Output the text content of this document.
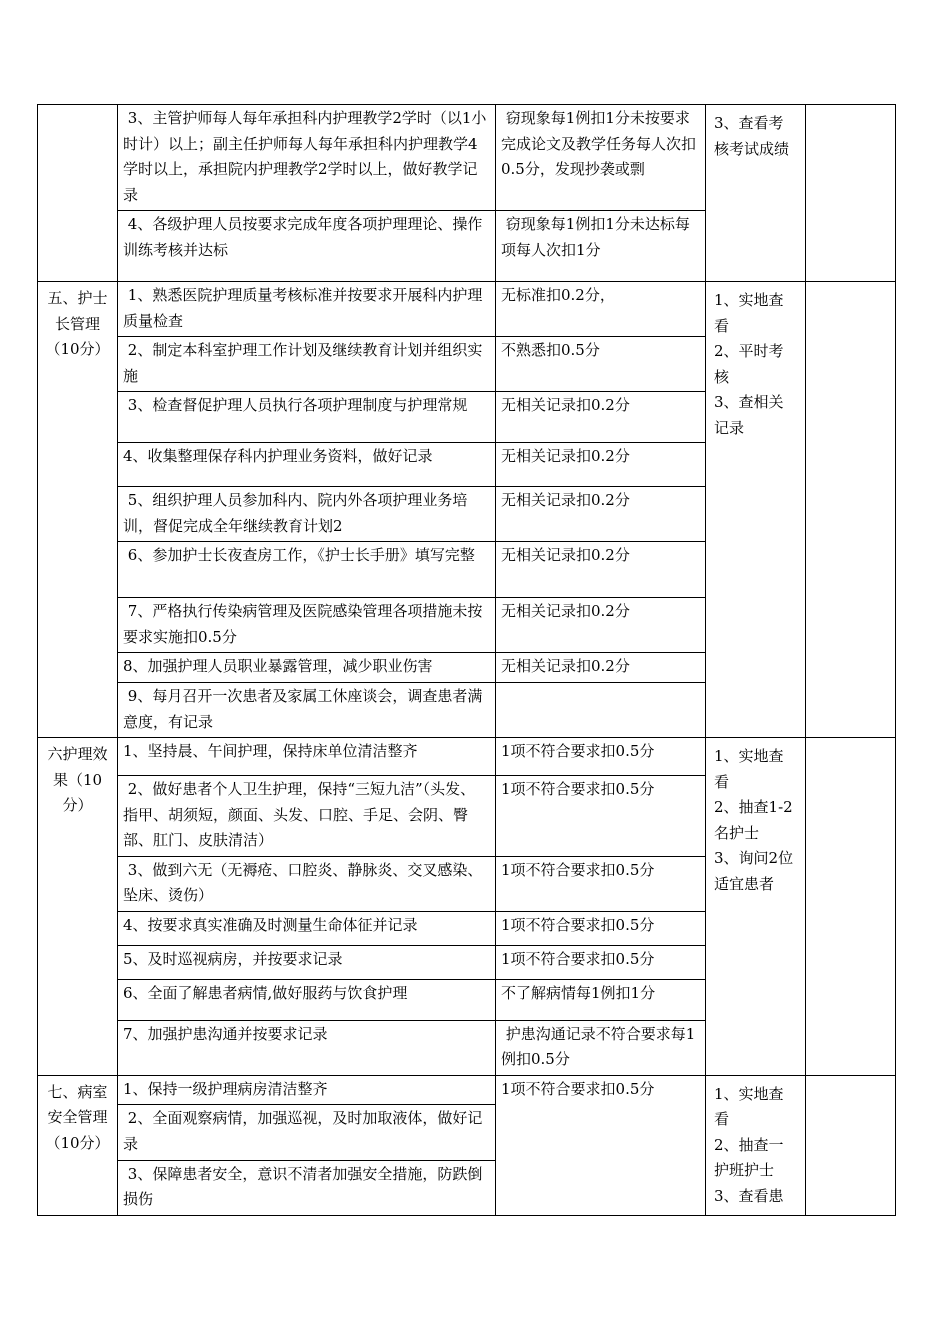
	3、主管护师每人每年承担科内护理教学2学时（以1小时计）以上；副主任护师每人每年承担科内护理教学4学时以上，承担院内护理教学2学时以上，做好教学记录	窃现象每1例扣1分未按要求完成论文及教学任务每人次扣0.5分，发现抄袭或剽	3、查看考核考试成绩	
	4、各级护理人员按要求完成年度各项护理理论、操作训练考核并达标	窃现象每1例扣1分未达标每项每人次扣1分		
五、护士长管理（10分）	1、熟悉医院护理质量考核标准并按要求开展科内护理质量检查	无标准扣0.2分，	1、实地查看
2、平时考核
3、查相关记录	
	2、制定本科室护理工作计划及继续教育计划并组织实施	不熟悉扣0.5分		
	3、检查督促护理人员执行各项护理制度与护理常规	无相关记录扣0.2分		
	4、收集整理保存科内护理业务资料，做好记录	无相关记录扣0.2分		
	5、组织护理人员参加科内、院内外各项护理业务培训，督促完成全年继续教育计划2	无相关记录扣0.2分		
	6、参加护士长夜查房工作，《护士长手册》填写完整	无相关记录扣0.2分		
	7、严格执行传染病管理及医院感染管理各项措施未按要求实施扣0.5分	无相关记录扣0.2分		
	8、加强护理人员职业暴露管理，减少职业伤害	无相关记录扣0.2分		
	9、每月召开一次患者及家属工休座谈会，调查患者满意度，有记录			
六护理效果（10分）	1、坚持晨、午间护理，保持床单位清洁整齐	1项不符合要求扣0.5分	1、实地查看
2、抽查1-2名护士
3、询问2位适宜患者	
	2、做好患者个人卫生护理，保持“三短九洁”（头发、指甲、胡须短，颜面、头发、口腔、手足、会阴、臀部、肛门、皮肤清洁）	1项不符合要求扣0.5分		
	3、做到六无（无褥疮、口腔炎、静脉炎、交叉感染、坠床、烫伤）	1项不符合要求扣0.5分		
	4、按要求真实准确及时测量生命体征并记录	1项不符合要求扣0.5分		
	5、及时巡视病房，并按要求记录	1项不符合要求扣0.5分		
	6、全面了解患者病情,做好服药与饮食护理	不了解病情每1例扣1分		
	7、加强护患沟通并按要求记录	护患沟通记录不符合要求每1例扣0.5分		
七、病室安全管理（10分）	1、保持一级护理病房清洁整齐	1项不符合要求扣0.5分	1、实地查看
2、抽查一护班护士
3、查看患	
	2、全面观察病情，加强巡视，及时加取液体，做好记录			
	3、保障患者安全，意识不清者加强安全措施，防跌倒损伤			
